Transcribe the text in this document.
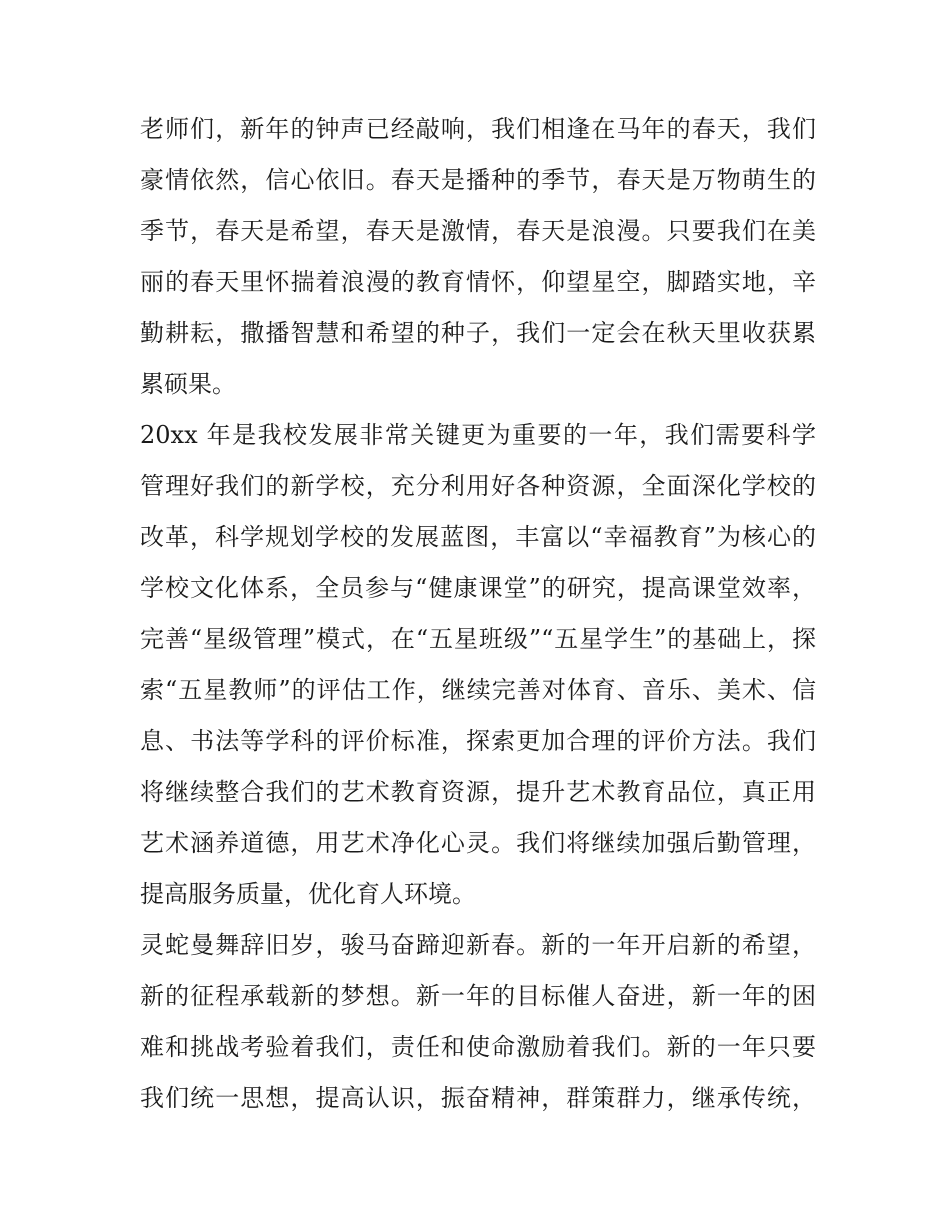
老师们，新年的钟声已经敲响，我们相逢在马年的春天，我们
豪情依然，信心依旧。春天是播种的季节，春天是万物萌生的
季节，春天是希望，春天是激情，春天是浪漫。只要我们在美
丽的春天里怀揣着浪漫的教育情怀，仰望星空，脚踏实地，辛
勤耕耘，撒播智慧和希望的种子，我们一定会在秋天里收获累
累硕果。
20xx 年是我校发展非常关键更为重要的一年，我们需要科学
管理好我们的新学校，充分利用好各种资源，全面深化学校的
改革，科学规划学校的发展蓝图，丰富以“幸福教育”为核心的
学校文化体系，全员参与“健康课堂”的研究，提高课堂效率，
完善“星级管理”模式，在“五星班级”“五星学生”的基础上，探
索“五星教师”的评估工作，继续完善对体育、音乐、美术、信
息、书法等学科的评价标准，探索更加合理的评价方法。我们
将继续整合我们的艺术教育资源，提升艺术教育品位，真正用
艺术涵养道德，用艺术净化心灵。我们将继续加强后勤管理，
提高服务质量，优化育人环境。
灵蛇曼舞辞旧岁，骏马奋蹄迎新春。新的一年开启新的希望，
新的征程承载新的梦想。新一年的目标催人奋进，新一年的困
难和挑战考验着我们，责任和使命激励着我们。新的一年只要
我们统一思想，提高认识，振奋精神，群策群力，继承传统，
